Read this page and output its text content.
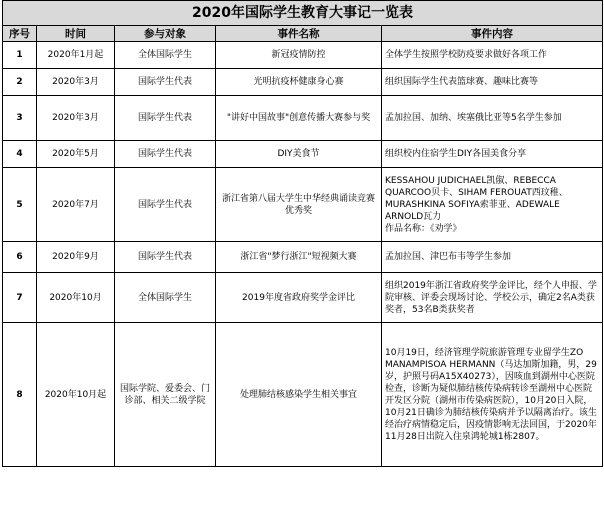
2020年国际学生教育大事记一览表				
序号	时间	参与对象	事件名称	事件内容
1	2020年1月起	全体国际学生	新冠疫情防控	全体学生按照学校防疫要求做好各项工作
2	2020年3月	国际学生代表	光明抗疫杯健康身心赛	组织国际学生代表篮球赛、趣味比赛等
3	2020年3月	国际学生代表	"讲好中国故事"创意传播大赛参与奖	孟加拉国、加纳、埃塞俄比亚等5名学生参加
4	2020年5月	国际学生代表	DIY美食节	组织校内住宿学生DIY各国美食分享
5	2020年7月	国际学生代表	浙江省第八届大学生中华经典诵读竞赛优秀奖	KESSAHOU JUDICHAEL凯俶、REBECCA
QUARCOO贝卡、SIHAM FEROUAT西玟稚、
MURASHKINA SOFIYA索菲亚、ADEWALE
ARNOLD瓦力
作品名称：《劝学》

6	2020年9月	国际学生代表	浙江省"梦行浙江"短视频大赛	孟加拉国、津巴布韦等学生参加
7	2020年10月	全体国际学生	2019年度省政府奖学金评比	组织2019年浙江省政府奖学金评比，经个人申报、学院审核、评委会现场讨论、学校公示，确定2名A类获奖者，53名B类获奖者
8	2020年10月起	国际学院、爱委会、门诊部、相关二级学院	处理肺结核感染学生相关事宜	10月19日，经济管理学院旅游管理专业留学生ZO MANAMPISOA HERMANN（马达加斯加籍，男，29岁，护照号码A15X40273），因咳血到湖州中心医院检查，诊断为疑似肺结核传染病转诊至湖州中心医院开发区分院（湖州市传染病医院），10月20日入院，10月21日确诊为肺结核传染病并予以隔离治疗。该生经治疗病情稳定后，因疫情影响无法回国，于2020年11月28日出院入住泉鸿轮城1栋2807。
